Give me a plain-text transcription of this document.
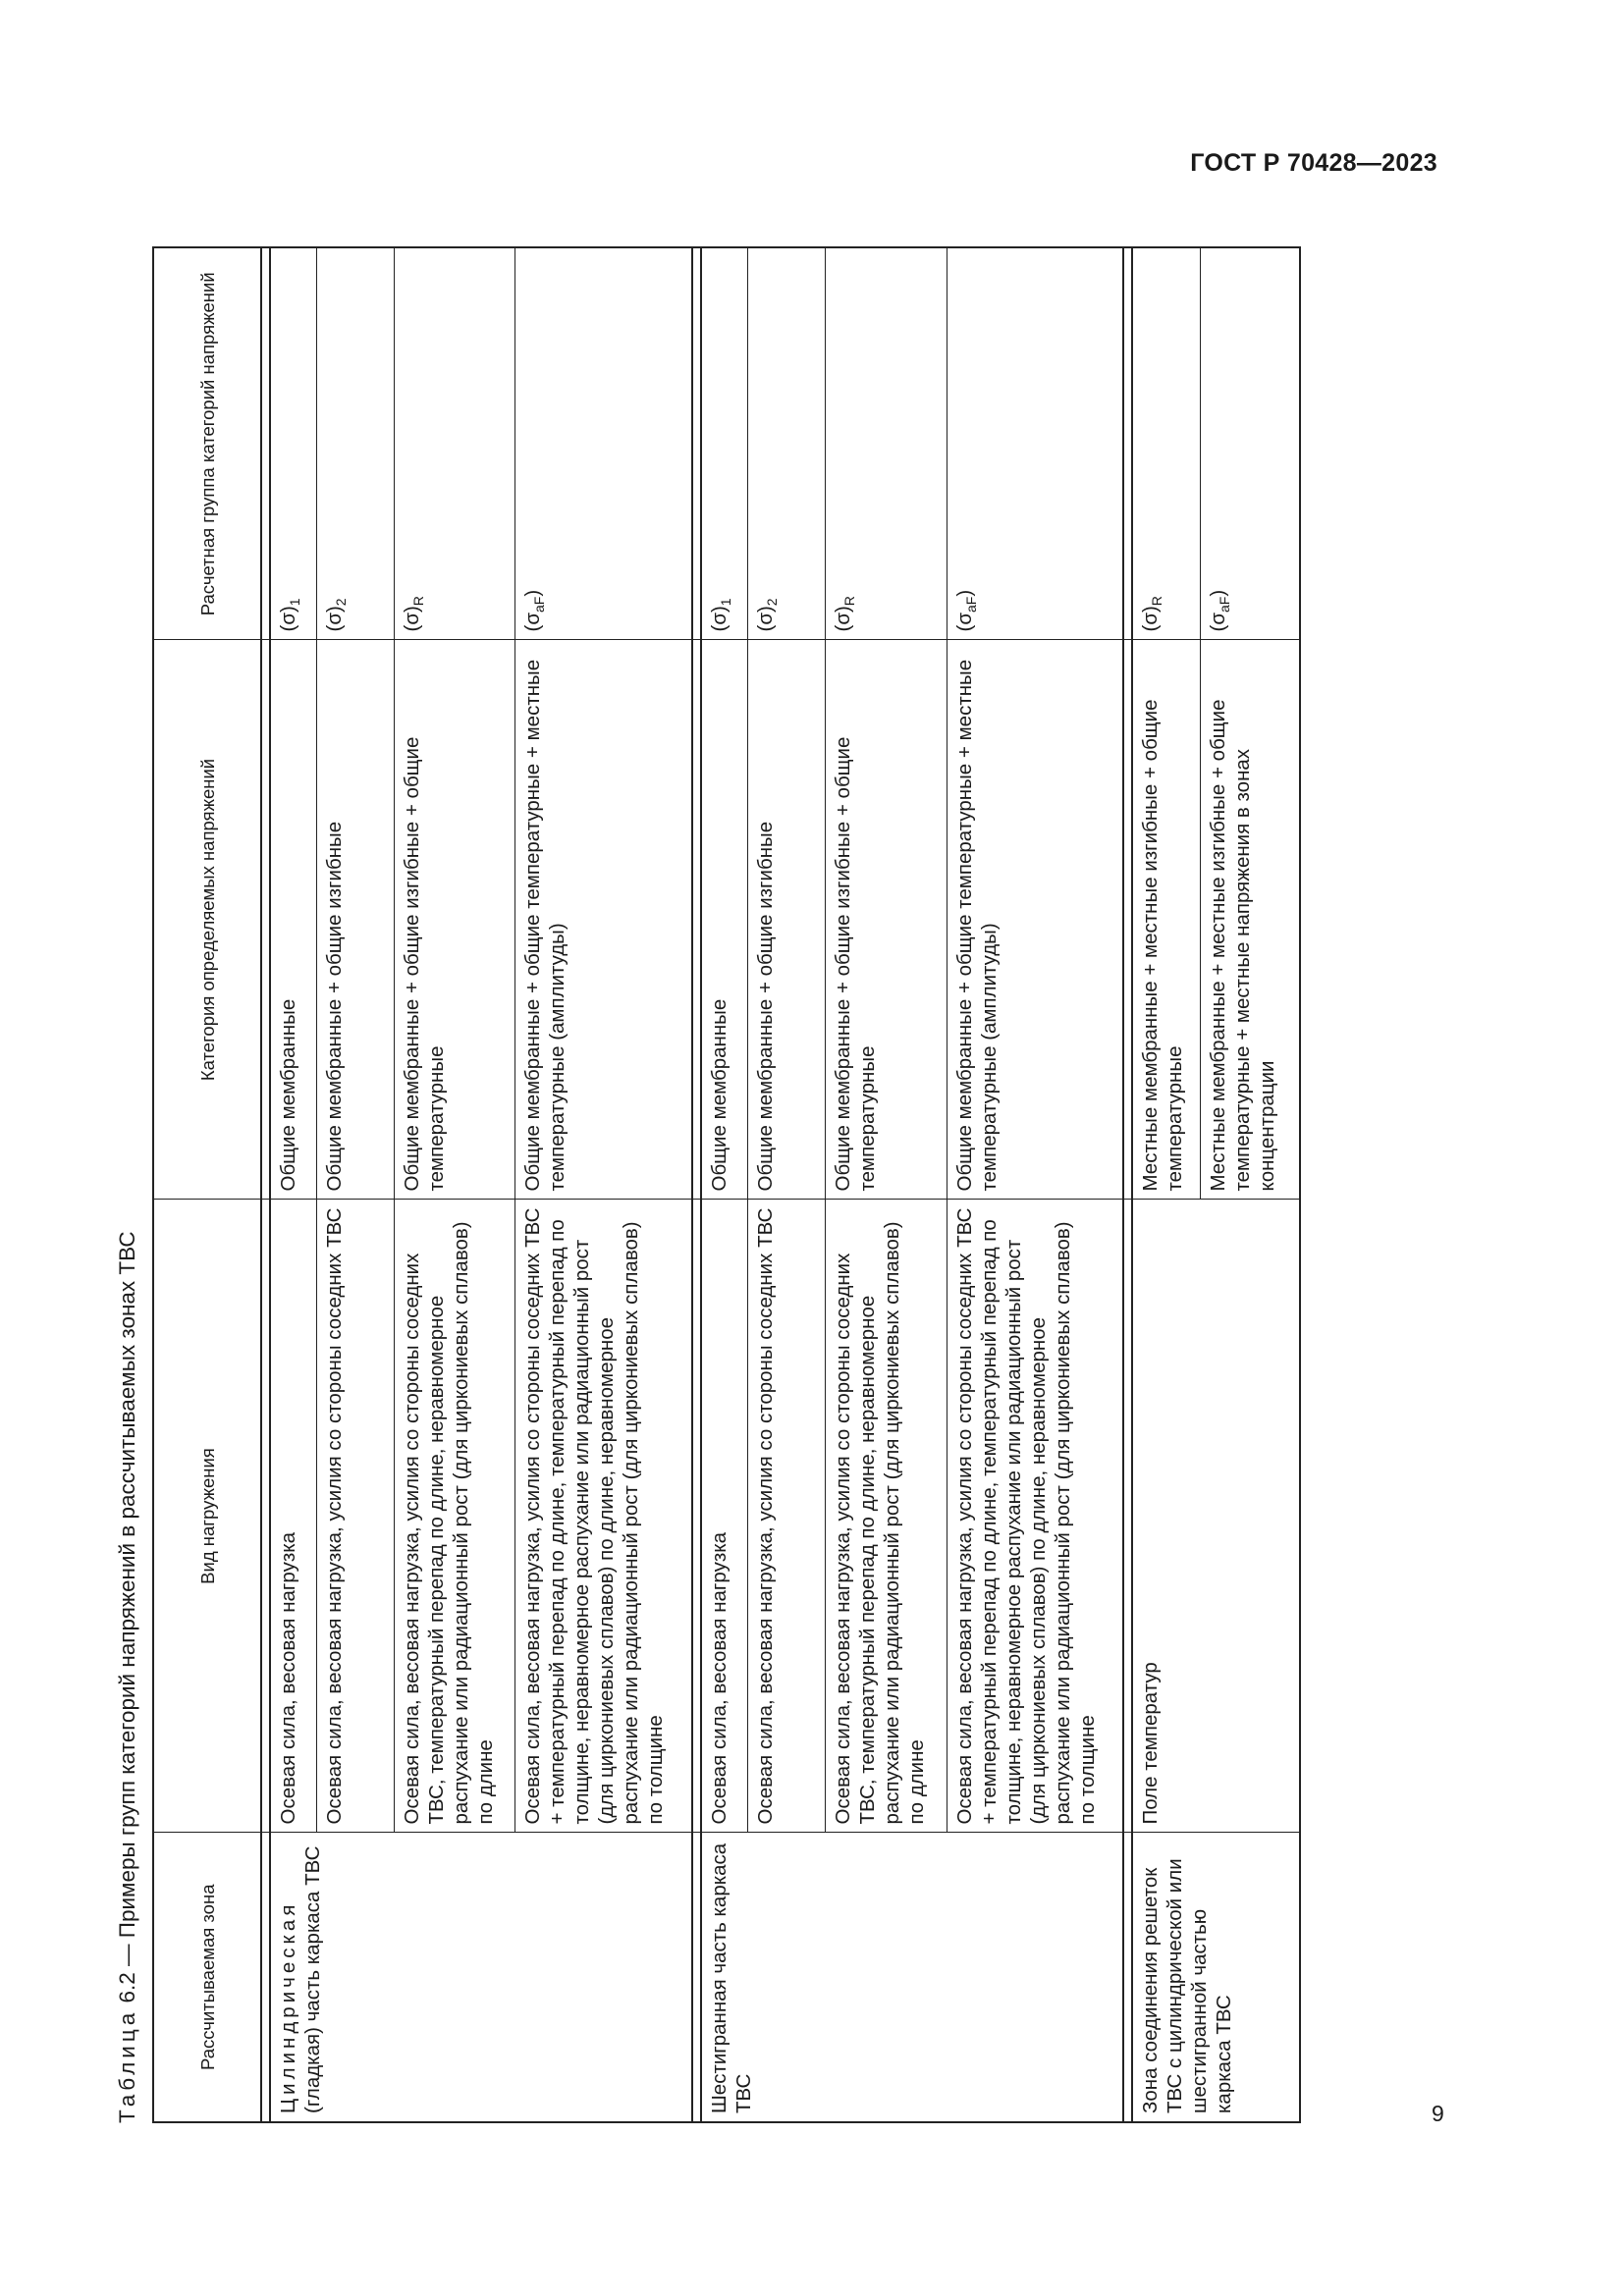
ГОСТ Р 70428—2023
Таблица 6.2 — Примеры групп категорий напряжений в рассчитываемых зонах ТВС	Рассчитываемая зона	Вид нагружения	Категория определяемых напряжений	Расчетная группа категорий напряжений

Цилиндрическая (гладкая) часть каркаса ТВС	Осевая сила, весовая нагрузка	Общие мембранные	$(\sigma)_1$
	Осевая сила, весовая нагрузка, усилия со стороны соседних ТВС	Общие мембранные + общие изгибные	$(\sigma)_2$
	Осевая сила, весовая нагрузка, усилия со стороны соседних ТВС, температурный перепад по длине, неравномерное распухание или радиационный рост (для циркониевых сплавов) по длине	Общие мембранные + общие изгибные + общие температурные	$(\sigma)_R$
	Осевая сила, весовая нагрузка, усилия со стороны соседних ТВС + температурный перепад по длине, температурный перепад по толщине, неравномерное распухание или радиационный рост (для циркониевых сплавов) по длине, неравномерное распухание или радиационный рост (для циркониевых сплавов) по толщине	Общие мембранные + общие температурные + местные температурные (амплитуды)	$(\sigma_{aF})$

Шестигранная часть каркаса ТВС	Осевая сила, весовая нагрузка	Общие мембранные	$(\sigma)_1$
	Осевая сила, весовая нагрузка, усилия со стороны соседних ТВС	Общие мембранные + общие изгибные	$(\sigma)_2$
	Осевая сила, весовая нагрузка, усилия со стороны соседних ТВС, температурный перепад по длине, неравномерное распухание или радиационный рост (для циркониевых сплавов) по длине	Общие мембранные + общие изгибные + общие температурные	$(\sigma)_R$
	Осевая сила, весовая нагрузка, усилия со стороны соседних ТВС + температурный перепад по длине, температурный перепад по толщине, неравномерное распухание или радиационный рост (для циркониевых сплавов) по длине, неравномерное распухание или радиационный рост (для циркониевых сплавов) по толщине	Общие мембранные + общие температурные + местные температурные (амплитуды)	$(\sigma_{aF})$

Зона соединения решеток ТВС с цилиндрической или шестигранной частью каркаса ТВС	Поле температур	Местные мембранные + местные изгибные + общие температурные	$(\sigma)_R$
		Местные мембранные + местные изгибные + общие температурные + местные напряжения в зонах концентрации	$(\sigma_{aF})$
9
